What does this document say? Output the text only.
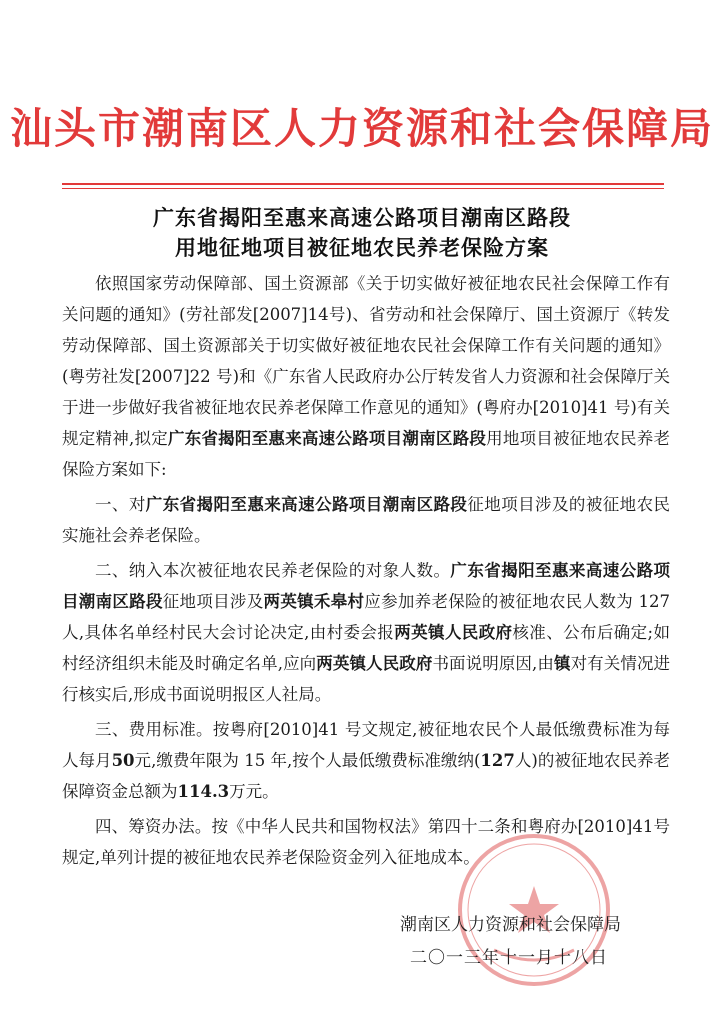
汕头市潮南区人力资源和社会保障局
广东省揭阳至惠来高速公路项目潮南区路段
用地征地项目被征地农民养老保险方案

依照国家劳动保障部、国土资源部《关于切实做好被征地农民社会保障工作有关问题的通知》(劳社部发[2007]14号)、省劳动和社会保障厅、国土资源厅《转发劳动保障部、国土资源部关于切实做好被征地农民社会保障工作有关问题的通知》(粤劳社发[2007]22 号)和《广东省人民政府办公厅转发省人力资源和社会保障厅关于进一步做好我省被征地农民养老保障工作意见的通知》(粤府办[2010]41 号)有关规定精神,拟定广东省揭阳至惠来高速公路项目潮南区路段用地项目被征地农民养老保险方案如下:

一、对广东省揭阳至惠来高速公路项目潮南区路段征地项目涉及的被征地农民实施社会养老保险。

二、纳入本次被征地农民养老保险的对象人数。广东省揭阳至惠来高速公路项目潮南区路段征地项目涉及两英镇禾皋村应参加养老保险的被征地农民人数为 127 人,具体名单经村民大会讨论决定,由村委会报两英镇人民政府核准、公布后确定;如村经济组织未能及时确定名单,应向两英镇人民政府书面说明原因,由镇对有关情况进行核实后,形成书面说明报区人社局。

三、费用标准。按粤府[2010]41 号文规定,被征地农民个人最低缴费标准为每人每月50元,缴费年限为 15 年,按个人最低缴费标准缴纳(127人)的被征地农民养老保障资金总额为114.3万元。

四、筹资办法。按《中华人民共和国物权法》第四十二条和粤府办[2010]41号规定,单列计提的被征地农民养老保险资金列入征地成本。

潮南区人力资源和社会保障局
二〇一三年十一月十八日
